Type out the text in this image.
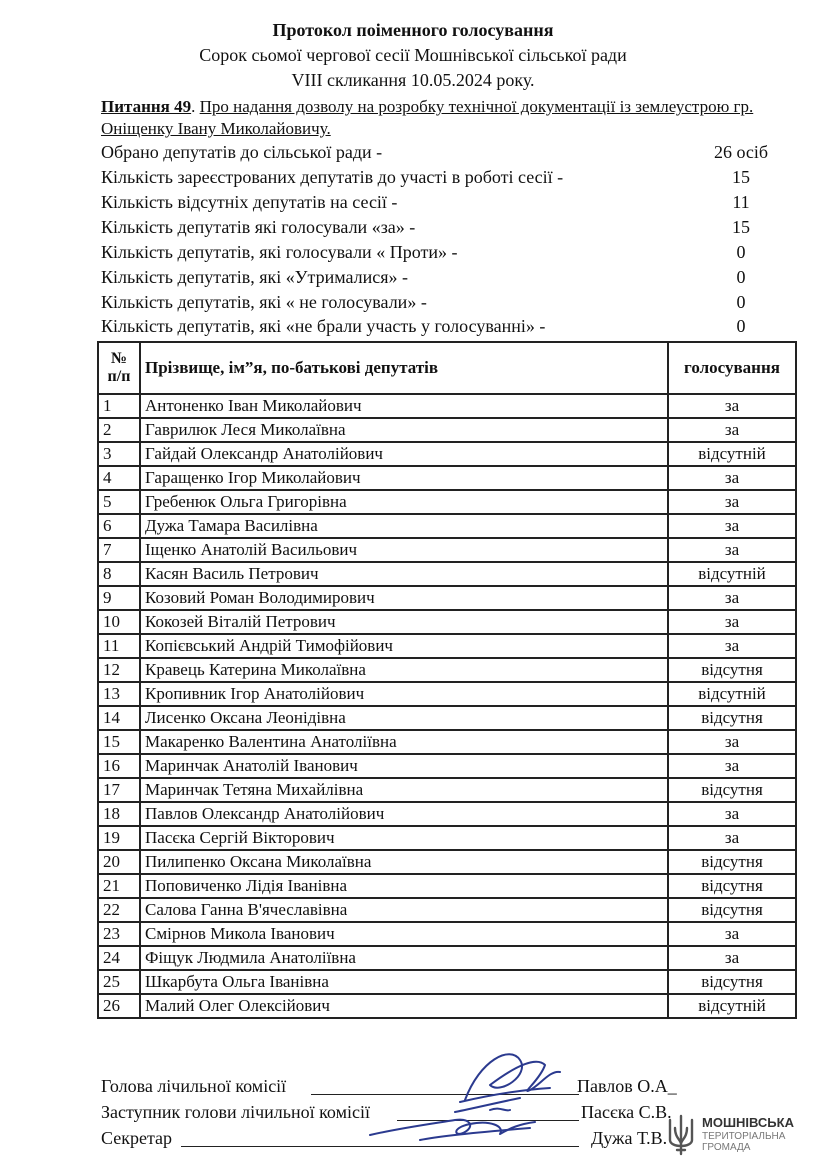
Протокол поіменного голосування
Сорок сьомої чергової сесії Мошнівської сільської ради
VIII скликання 10.05.2024 року.
Питання 49. Про надання дозволу на розробку технічної документації із землеустрою гр. Оніщенку Івану Миколайовичу.
Обрано депутатів до сільської ради -	26 осіб
Кількість зареєстрованих депутатів до участі в роботі сесії -	15
Кількість відсутніх депутатів на сесії -	11
Кількість депутатів які голосували «за» -	15
Кількість депутатів, які голосували « Проти» -	0
Кількість депутатів, які «Утрималися» -	0
Кількість депутатів, які « не голосували» -	0
Кількість депутатів, які «не брали участь у голосуванні» -	0
№ п/п	Прізвище, ім”я, по-батькові депутатів	голосування
1	Антоненко Іван Миколайович	за
2	Гаврилюк Леся Миколаївна	за
3	Гайдай Олександр Анатолійович	відсутній
4	Гаращенко Ігор Миколайович	за
5	Гребенюк Ольга Григорівна	за
6	Дужа Тамара Василівна	за
7	Іщенко Анатолій Васильович	за
8	Касян Василь Петрович	відсутній
9	Козовий Роман Володимирович	за
10	Кокозей Віталій Петрович	за
11	Копієвський Андрій Тимофійович	за
12	Кравець Катерина Миколаївна	відсутня
13	Кропивник Ігор Анатолійович	відсутній
14	Лисенко Оксана Леонідівна	відсутня
15	Макаренко Валентина Анатоліївна	за
16	Маринчак Анатолій Іванович	за
17	Маринчак Тетяна Михайлівна	відсутня
18	Павлов Олександр Анатолійович	за
19	Пасєка Сергій Вікторович	за
20	Пилипенко Оксана Миколаївна	відсутня
21	Поповиченко Лідія Іванівна	відсутня
22	Салова Ганна В'ячеславівна	відсутня
23	Смірнов Микола Іванович	за
24	Фіщук Людмила Анатоліївна	за
25	Шкарбута Ольга Іванівна	відсутня
26	Малий Олег Олексійович	відсутній
Голова лічильної комісії	Павлов О.А_
Заступник голови лічильної комісії	Пасєка С.В.
Секретар	Дужа Т.В.
МОШНІВСЬКА
ТЕРИТОРІАЛЬНА
ГРОМАДА
